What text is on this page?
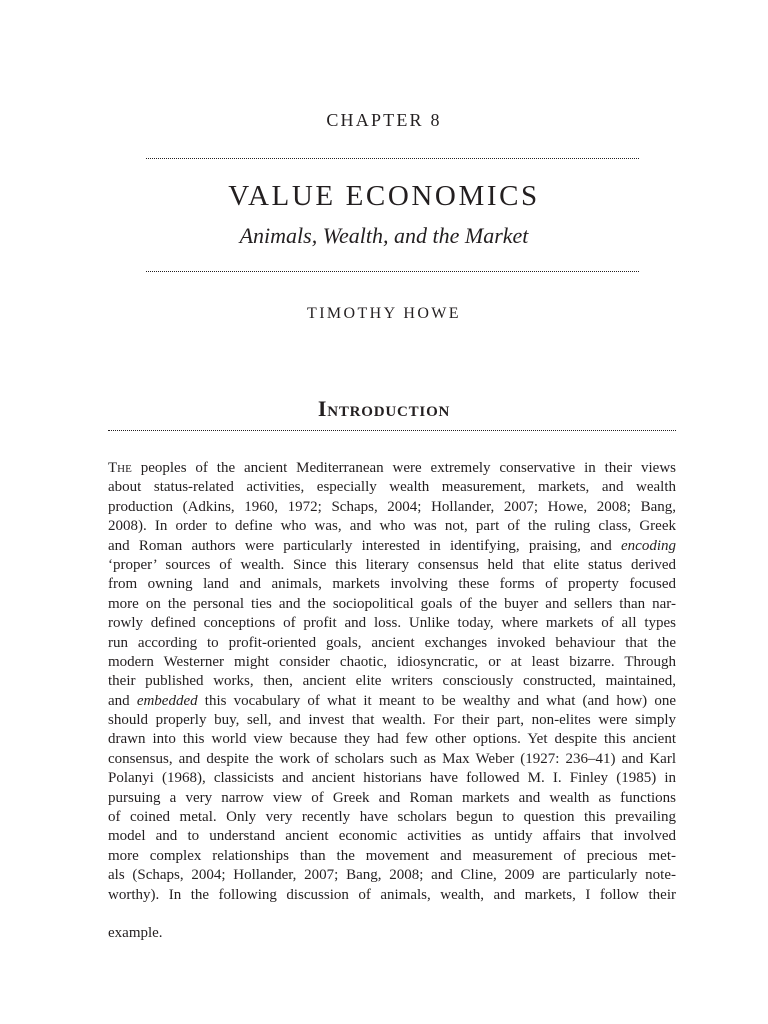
CHAPTER 8
VALUE ECONOMICS
Animals, Wealth, and the Market
TIMOTHY HOWE
Introduction
The peoples of the ancient Mediterranean were extremely conservative in their views
about status-related activities, especially wealth measurement, markets, and wealth
production (Adkins, 1960, 1972; Schaps, 2004; Hollander, 2007; Howe, 2008; Bang,
2008). In order to define who was, and who was not, part of the ruling class, Greek
and Roman authors were particularly interested in identifying, praising, and encoding
‘proper’ sources of wealth. Since this literary consensus held that elite status derived
from owning land and animals, markets involving these forms of property focused
more on the personal ties and the sociopolitical goals of the buyer and sellers than nar-
rowly defined conceptions of profit and loss. Unlike today, where markets of all types
run according to profit-oriented goals, ancient exchanges invoked behaviour that the
modern Westerner might consider chaotic, idiosyncratic, or at least bizarre. Through
their published works, then, ancient elite writers consciously constructed, maintained,
and embedded this vocabulary of what it meant to be wealthy and what (and how) one
should properly buy, sell, and invest that wealth. For their part, non-elites were simply
drawn into this world view because they had few other options. Yet despite this ancient
consensus, and despite the work of scholars such as Max Weber (1927: 236–41) and Karl
Polanyi (1968), classicists and ancient historians have followed M. I. Finley (1985) in
pursuing a very narrow view of Greek and Roman markets and wealth as functions
of coined metal. Only very recently have scholars begun to question this prevailing
model and to understand ancient economic activities as untidy affairs that involved
more complex relationships than the movement and measurement of precious met-
als (Schaps, 2004; Hollander, 2007; Bang, 2008; and Cline, 2009 are particularly note-
worthy). In the following discussion of animals, wealth, and markets, I follow their
example.
